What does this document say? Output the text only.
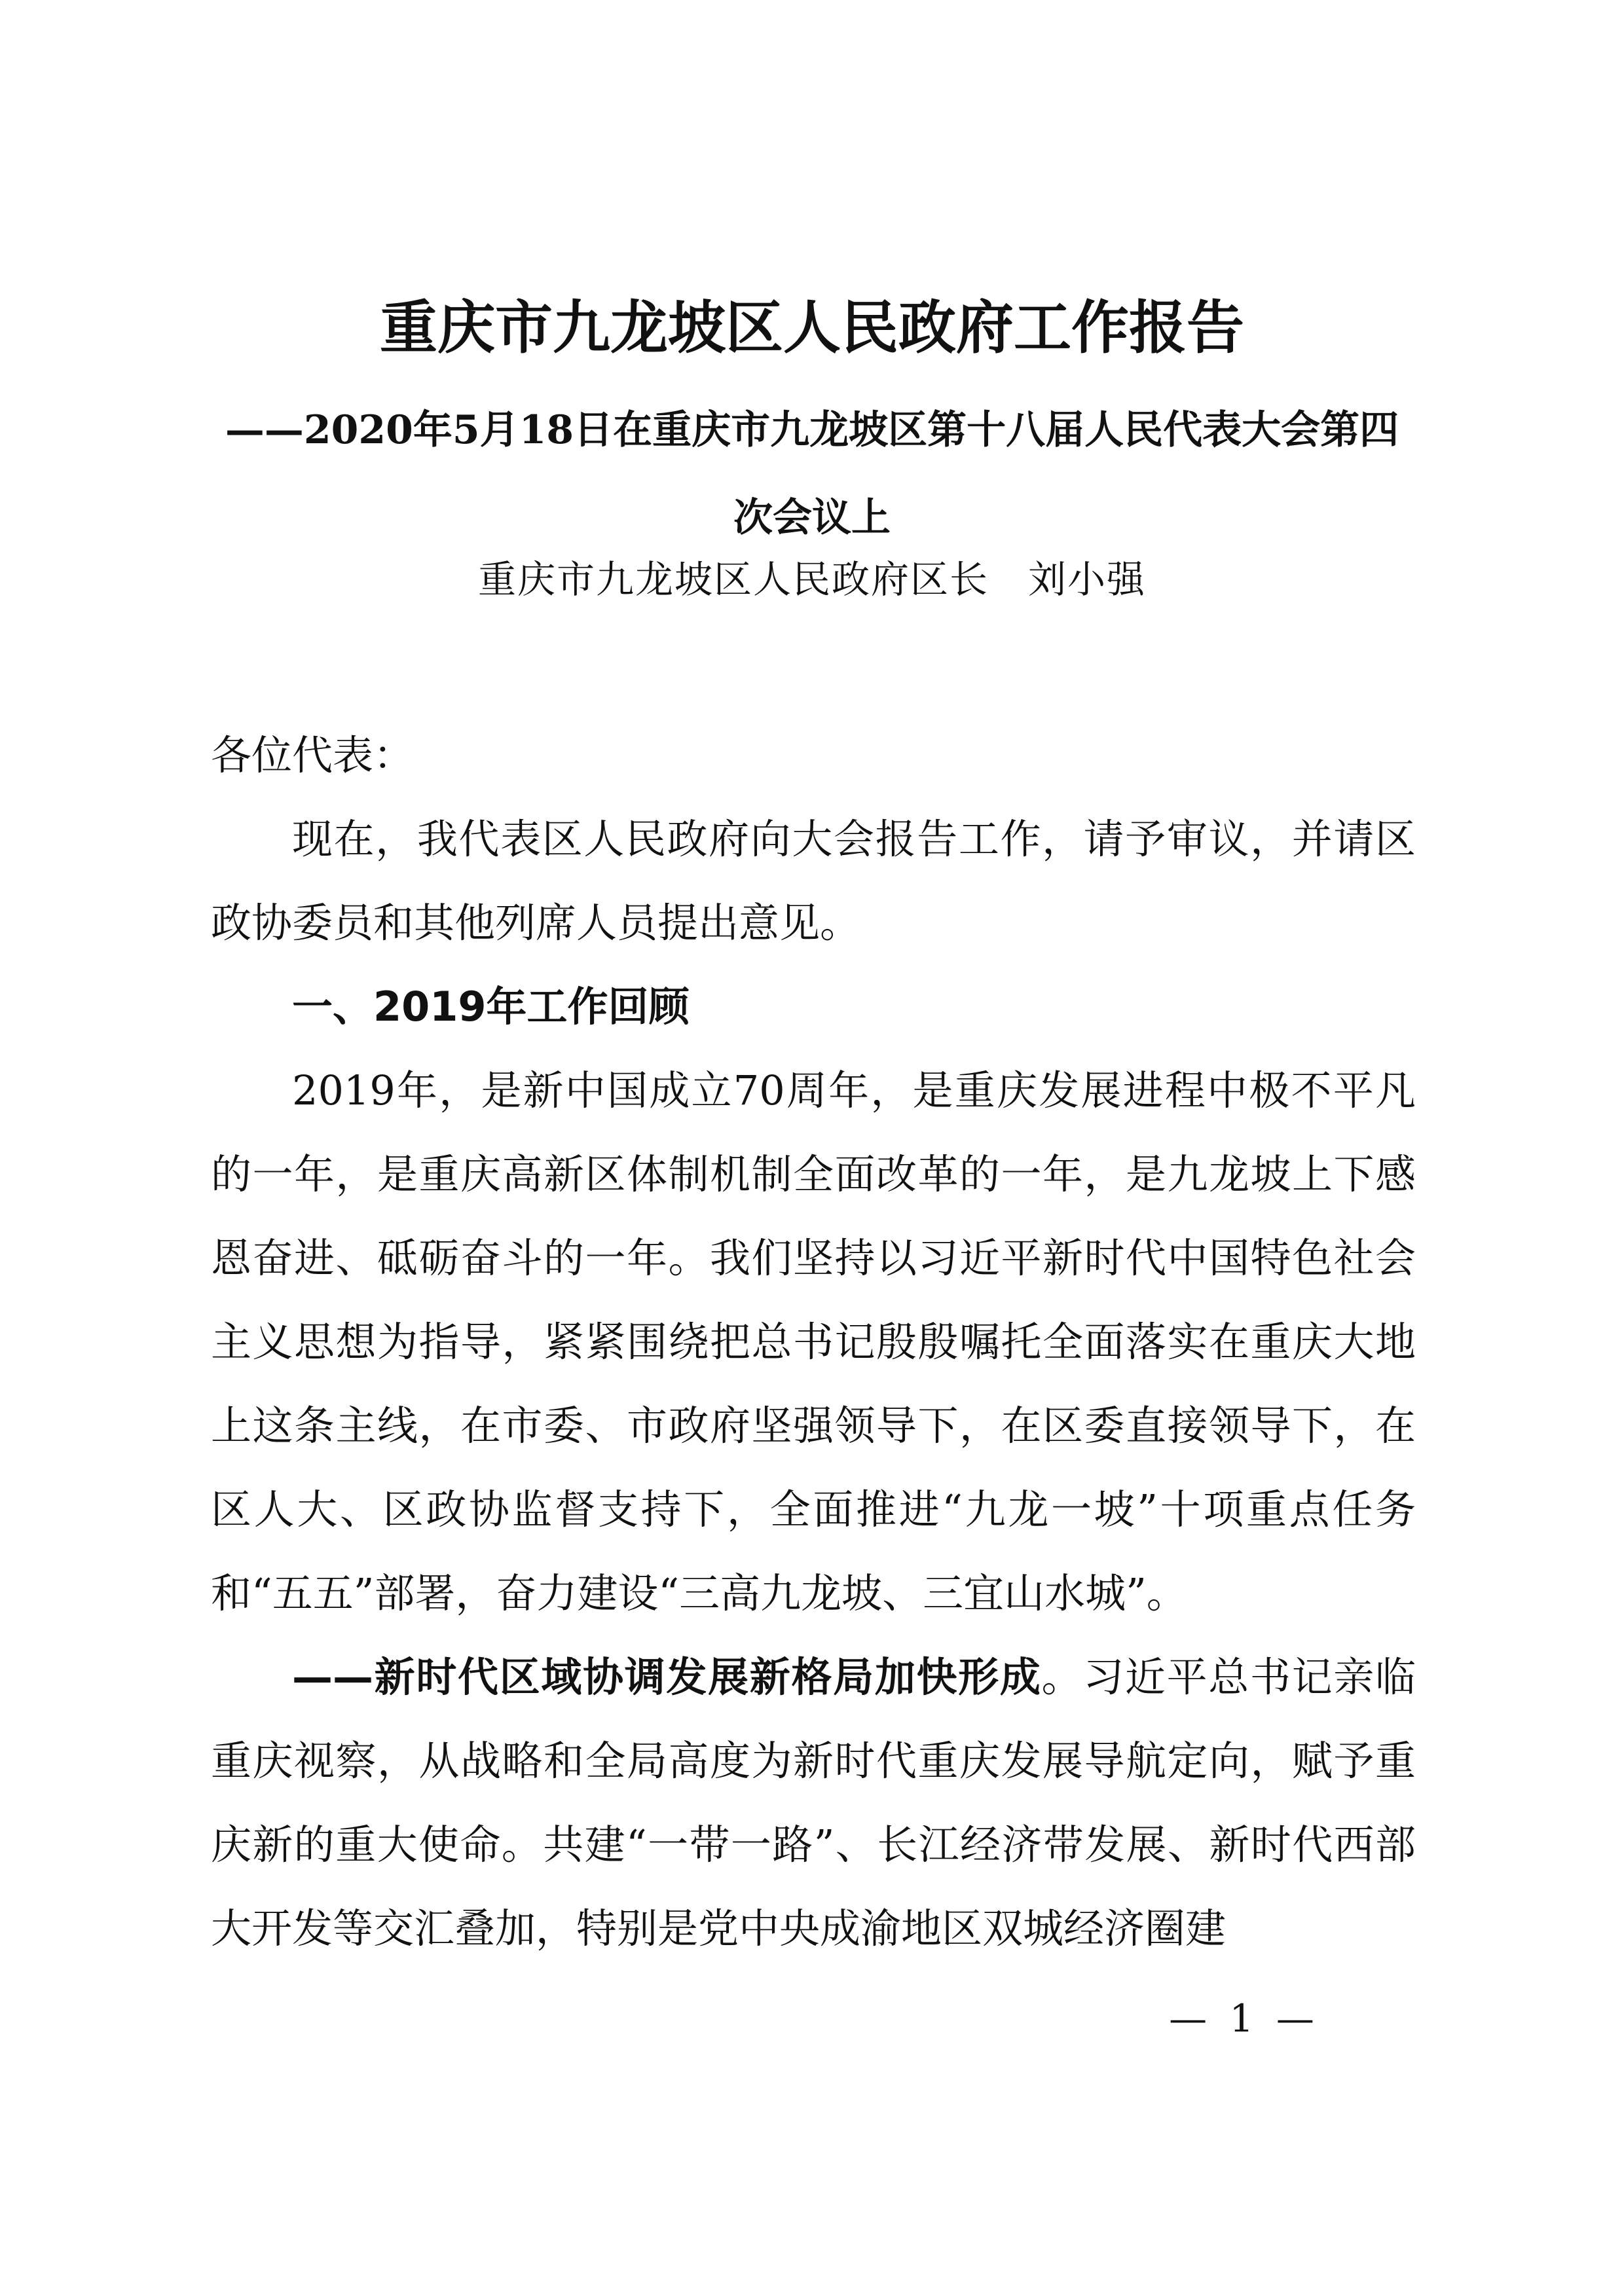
重庆市九龙坡区人民政府工作报告
——2020年5月18日在重庆市九龙坡区第十八届人民代表大会第四次会议上
重庆市九龙坡区人民政府区长　刘小强

各位代表：

现在，我代表区人民政府向大会报告工作，请予审议，并请区政协委员和其他列席人员提出意见。

一、2019年工作回顾

2019年，是新中国成立70周年，是重庆发展进程中极不平凡的一年，是重庆高新区体制机制全面改革的一年，是九龙坡上下感恩奋进、砥砺奋斗的一年。我们坚持以习近平新时代中国特色社会主义思想为指导，紧紧围绕把总书记殷殷嘱托全面落实在重庆大地上这条主线，在市委、市政府坚强领导下，在区委直接领导下，在区人大、区政协监督支持下，全面推进“九龙一坡”十项重点任务和“五五”部署，奋力建设“三高九龙坡、三宜山水城”。

——新时代区域协调发展新格局加快形成。习近平总书记亲临重庆视察，从战略和全局高度为新时代重庆发展导航定向，赋予重庆新的重大使命。共建“一带一路”、长江经济带发展、新时代西部大开发等交汇叠加，特别是党中央成渝地区双城经济圈建

— 1 —
